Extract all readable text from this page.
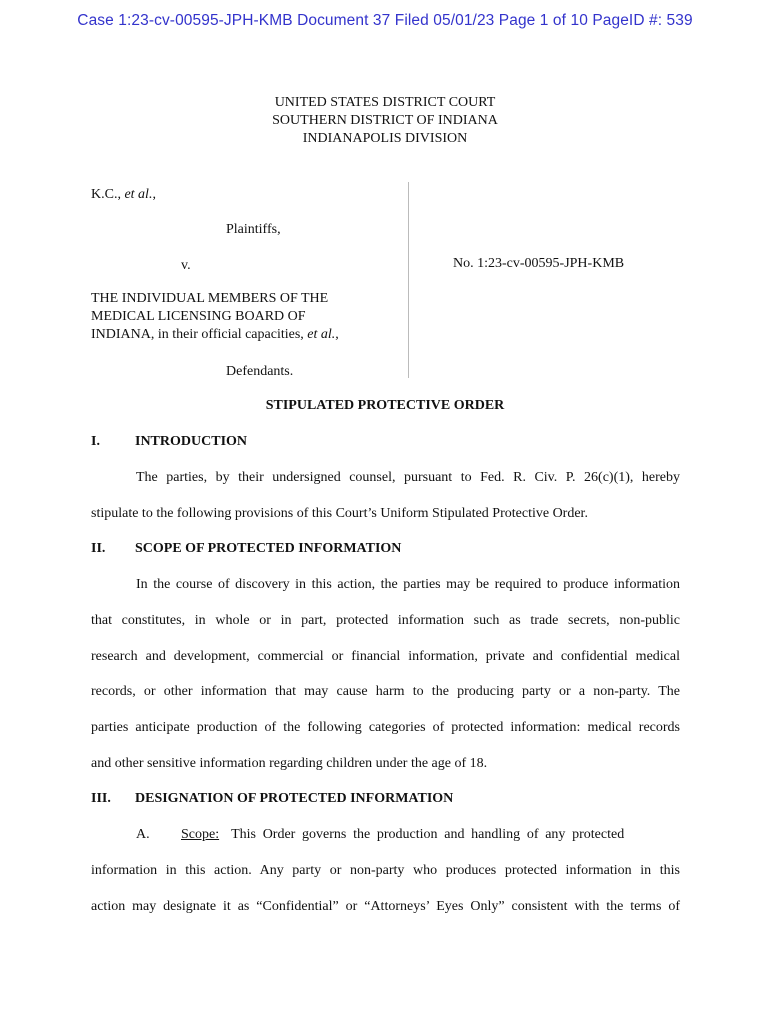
Case 1:23-cv-00595-JPH-KMB Document 37 Filed 05/01/23 Page 1 of 10 PageID #: 539
UNITED STATES DISTRICT COURT
SOUTHERN DISTRICT OF INDIANA
INDIANAPOLIS DIVISION
K.C., et al.,
Plaintiffs,
v.
THE INDIVIDUAL MEMBERS OF THE
MEDICAL LICENSING BOARD OF
INDIANA, in their official capacities, et al.,
Defendants.
No. 1:23-cv-00595-JPH-KMB
STIPULATED PROTECTIVE ORDER
I.	INTRODUCTION
The parties, by their undersigned counsel, pursuant to Fed. R. Civ. P. 26(c)(1), hereby
stipulate to the following provisions of this Court’s Uniform Stipulated Protective Order.
II. SCOPE OF PROTECTED INFORMATION
In the course of discovery in this action, the parties may be required to produce information
that constitutes, in whole or in part, protected information such as trade secrets, non-public
research and development, commercial or financial information, private and confidential medical
records, or other information that may cause harm to the producing party or a non-party. The
parties anticipate production of the following categories of protected information: medical records
and other sensitive information regarding children under the age of 18.
III. DESIGNATION OF PROTECTED INFORMATION
A. Scope: This Order governs the production and handling of any protected
information in this action. Any party or non-party who produces protected information in this
action may designate it as “Confidential” or “Attorneys’ Eyes Only” consistent with the terms of
